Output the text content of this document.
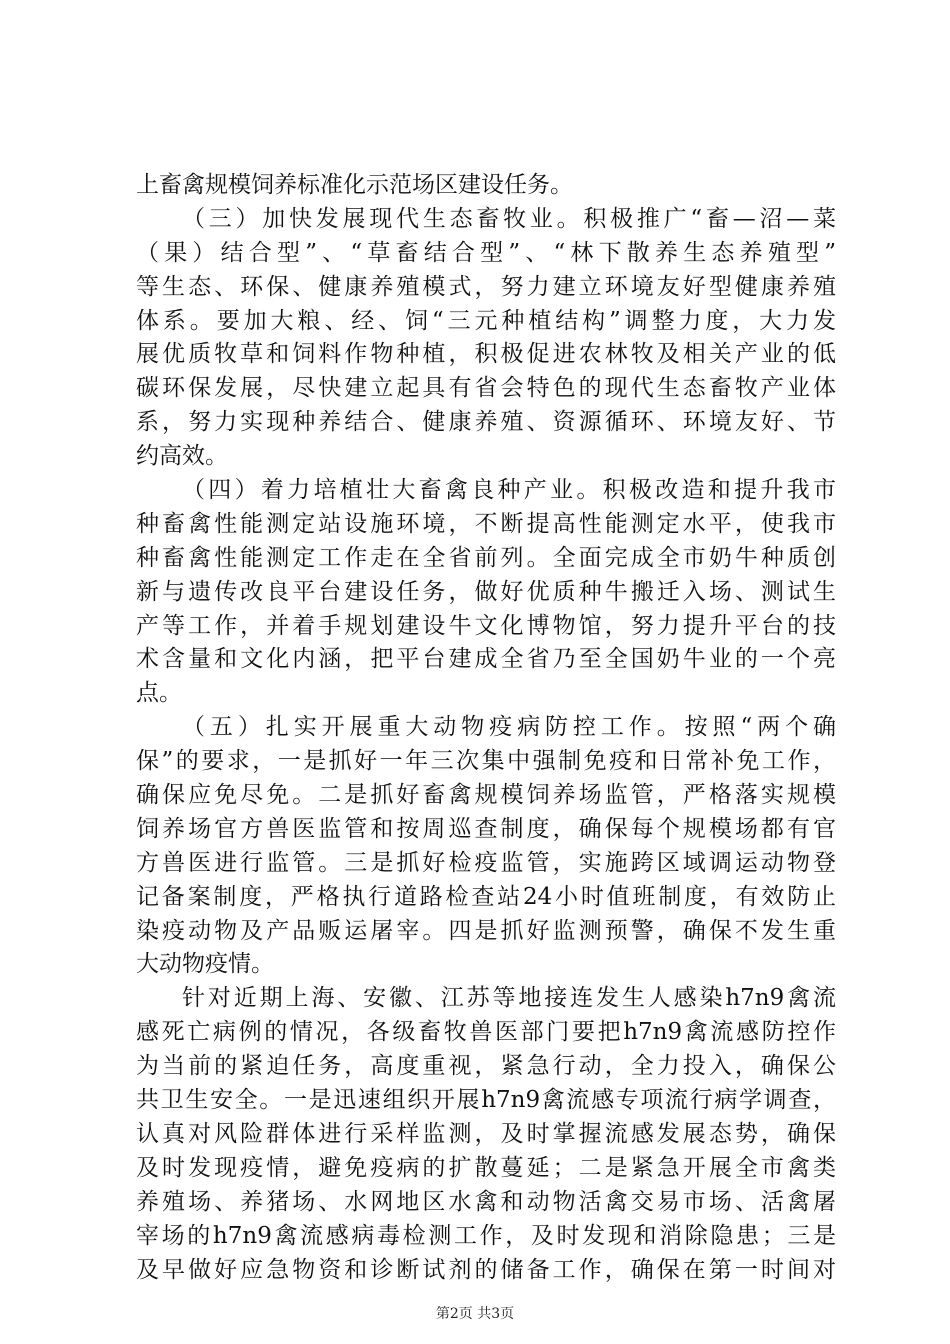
上畜禽规模饲养标准化示范场区建设任务。
（三）加快发展现代生态畜牧业。积极推广“畜—沼—菜
（果）结合型”、“草畜结合型”、“林下散养生态养殖型”
等生态、环保、健康养殖模式，努力建立环境友好型健康养殖
体系。要加大粮、经、饲“三元种植结构”调整力度，大力发
展优质牧草和饲料作物种植，积极促进农林牧及相关产业的低
碳环保发展，尽快建立起具有省会特色的现代生态畜牧产业体
系，努力实现种养结合、健康养殖、资源循环、环境友好、节
约高效。
（四）着力培植壮大畜禽良种产业。积极改造和提升我市
种畜禽性能测定站设施环境，不断提高性能测定水平，使我市
种畜禽性能测定工作走在全省前列。全面完成全市奶牛种质创
新与遗传改良平台建设任务，做好优质种牛搬迁入场、测试生
产等工作，并着手规划建设牛文化博物馆，努力提升平台的技
术含量和文化内涵，把平台建成全省乃至全国奶牛业的一个亮
点。
（五）扎实开展重大动物疫病防控工作。按照“两个确
保”的要求，一是抓好一年三次集中强制免疫和日常补免工作，
确保应免尽免。二是抓好畜禽规模饲养场监管，严格落实规模
饲养场官方兽医监管和按周巡查制度，确保每个规模场都有官
方兽医进行监管。三是抓好检疫监管，实施跨区域调运动物登
记备案制度，严格执行道路检查站24小时值班制度，有效防止
染疫动物及产品贩运屠宰。四是抓好监测预警，确保不发生重
大动物疫情。
针对近期上海、安徽、江苏等地接连发生人感染h7n9禽流
感死亡病例的情况，各级畜牧兽医部门要把h7n9禽流感防控作
为当前的紧迫任务，高度重视，紧急行动，全力投入，确保公
共卫生安全。一是迅速组织开展h7n9禽流感专项流行病学调查，
认真对风险群体进行采样监测，及时掌握流感发展态势，确保
及时发现疫情，避免疫病的扩散蔓延；二是紧急开展全市禽类
养殖场、养猪场、水网地区水禽和动物活禽交易市场、活禽屠
宰场的h7n9禽流感病毒检测工作，及时发现和消除隐患；三是
及早做好应急物资和诊断试剂的储备工作，确保在第一时间对
第2页 共3页
